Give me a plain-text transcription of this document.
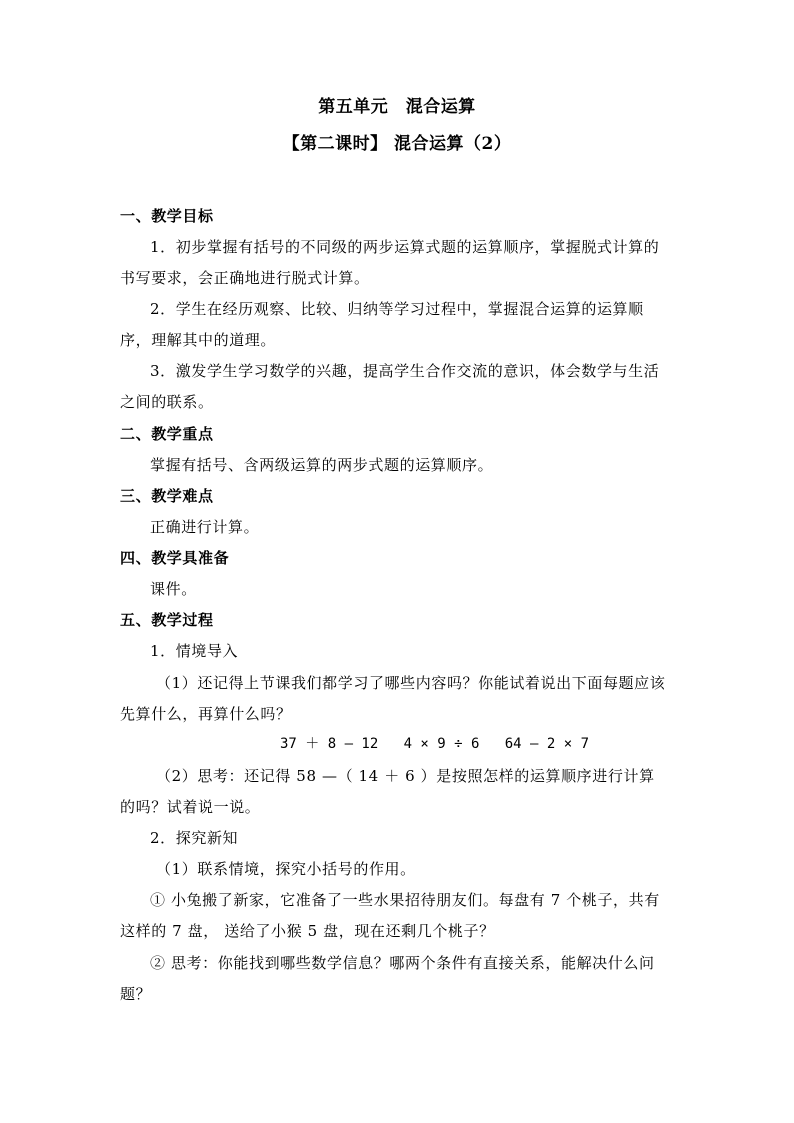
第五单元　混合运算
【第二课时】 混合运算（2）
一、教学目标
1．初步掌握有括号的不同级的两步运算式题的运算顺序，掌握脱式计算的
书写要求，会正确地进行脱式计算。
2．学生在经历观察、比较、归纳等学习过程中，掌握混合运算的运算顺
序，理解其中的道理。
3．激发学生学习数学的兴趣，提高学生合作交流的意识，体会数学与生活
之间的联系。
二、教学重点
掌握有括号、含两级运算的两步式题的运算顺序。
三、教学难点
正确进行计算。
四、教学具准备
课件。
五、教学过程
1．情境导入
（1）还记得上节课我们都学习了哪些内容吗？你能试着说出下面每题应该
先算什么，再算什么吗？
37 ＋ 8 — 12   4 × 9 ÷ 6   64 — 2 × 7
（2）思考：还记得 58 —（ 14 ＋ 6 ）是按照怎样的运算顺序进行计算
的吗？试着说一说。
2．探究新知
（1）联系情境，探究小括号的作用。
① 小兔搬了新家，它准备了一些水果招待朋友们。每盘有 7 个桃子，共有
这样的 7 盘， 送给了小猴 5 盘，现在还剩几个桃子？
② 思考：你能找到哪些数学信息？哪两个条件有直接关系，能解决什么问
题？
